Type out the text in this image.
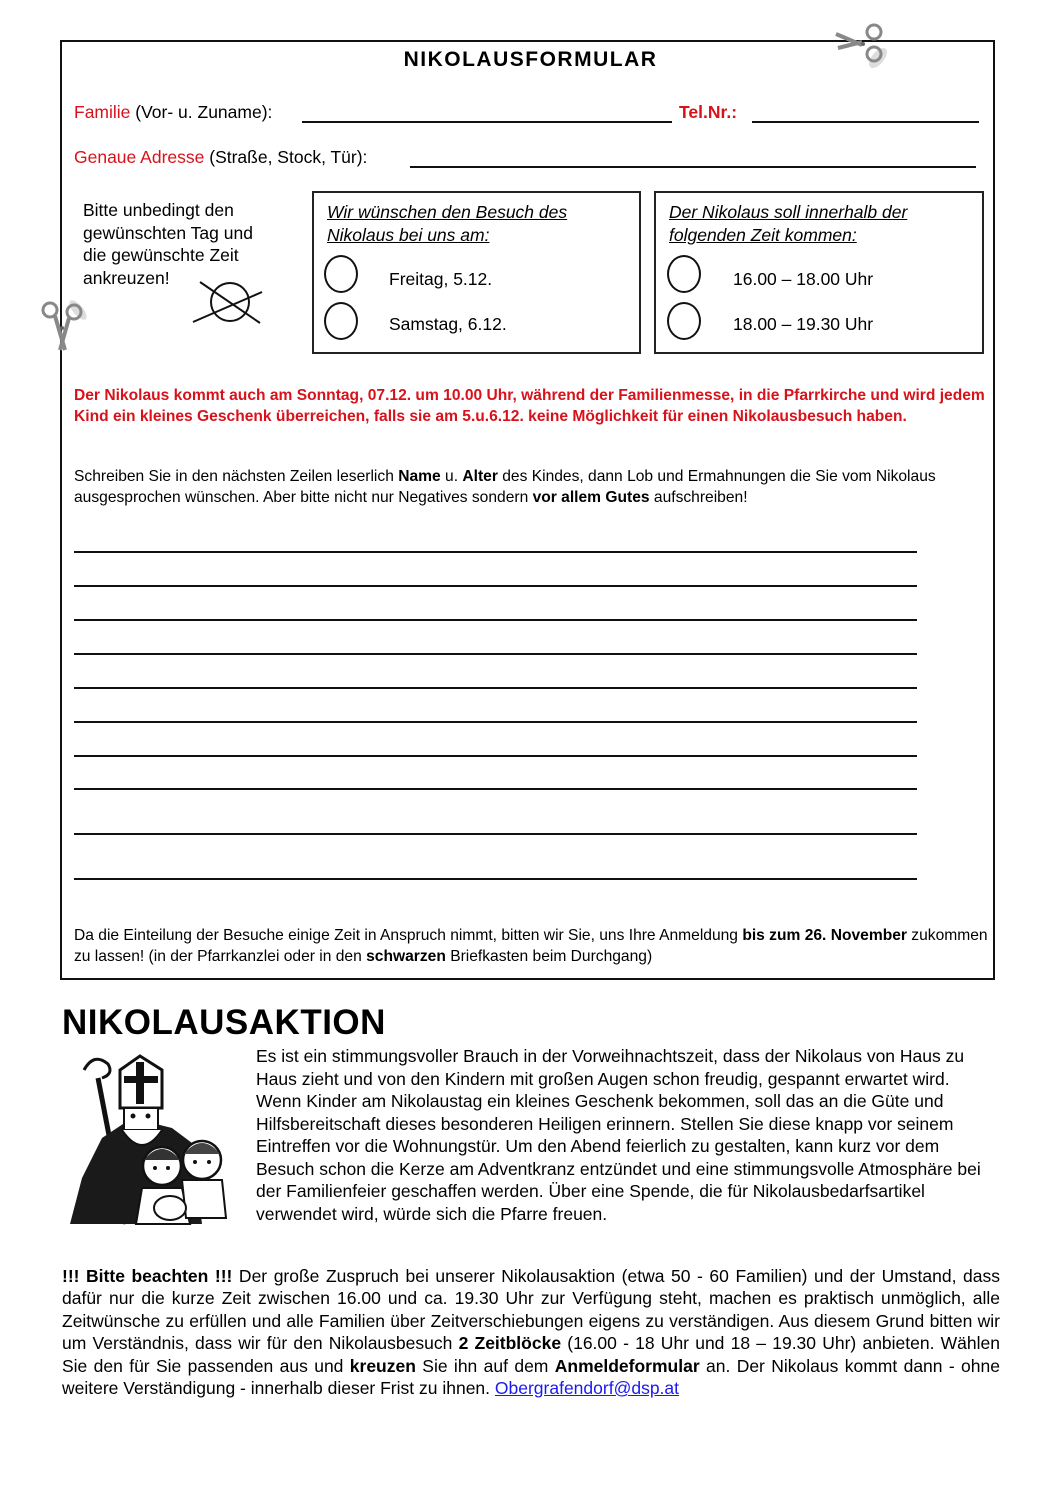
NIKOLAUSFORMULAR
Familie (Vor- u. Zuname):	Tel.Nr.:
Genaue Adresse (Straße, Stock, Tür):
Bitte unbedingt den
gewünschten Tag und
die gewünschte Zeit
ankreuzen!
Wir wünschen den Besuch des
Nikolaus bei uns am:
Freitag, 5.12.
Samstag, 6.12.
Der Nikolaus soll innerhalb der
folgenden Zeit kommen:
16.00 – 18.00 Uhr
18.00 – 19.30 Uhr
Der Nikolaus kommt auch am Sonntag, 07.12. um 10.00 Uhr, während der Familienmesse, in die Pfarrkirche und wird jedem Kind ein kleines Geschenk überreichen, falls sie am 5.u.6.12. keine Möglichkeit für einen Nikolausbesuch haben.
Schreiben Sie in den nächsten Zeilen leserlich Name u. Alter des Kindes, dann Lob und Ermahnungen die Sie vom Nikolaus ausgesprochen wünschen. Aber bitte nicht nur Negatives sondern vor allem Gutes aufschreiben!
Da die Einteilung der Besuche einige Zeit in Anspruch nimmt, bitten wir Sie, uns Ihre Anmeldung bis zum 26. November zukommen zu lassen! (in der Pfarrkanzlei oder in den schwarzen Briefkasten beim Durchgang)
NIKOLAUSAKTION
Es ist ein stimmungsvoller Brauch in der Vorweihnachtszeit, dass der Nikolaus von Haus zu Haus zieht und von den Kindern mit großen Augen schon freudig, gespannt erwartet wird. Wenn Kinder am Nikolaustag ein kleines Geschenk bekommen, soll das an die Güte und Hilfsbereitschaft dieses besonderen Heiligen erinnern. Stellen Sie diese knapp vor seinem Eintreffen vor die Wohnungstür. Um den Abend feierlich zu gestalten, kann kurz vor dem Besuch schon die Kerze am Adventkranz entzündet und eine stimmungsvolle Atmosphäre bei der Familienfeier geschaffen werden. Über eine Spende, die für Nikolausbedarfsartikel verwendet wird, würde sich die Pfarre freuen.
!!! Bitte beachten !!! Der große Zuspruch bei unserer Nikolausaktion (etwa 50 - 60 Familien) und der Umstand, dass dafür nur die kurze Zeit zwischen 16.00 und ca. 19.30 Uhr zur Verfügung steht, machen es praktisch unmöglich, alle Zeitwünsche zu erfüllen und alle Familien über Zeitverschiebungen eigens zu verständigen. Aus diesem Grund bitten wir um Verständnis, dass wir für den Nikolausbesuch 2 Zeitblöcke (16.00 - 18 Uhr und 18 – 19.30 Uhr) anbieten. Wählen Sie den für Sie passenden aus und kreuzen Sie ihn auf dem Anmeldeformular an. Der Nikolaus kommt dann - ohne weitere Verständigung - innerhalb dieser Frist zu ihnen. Obergrafendorf@dsp.at
